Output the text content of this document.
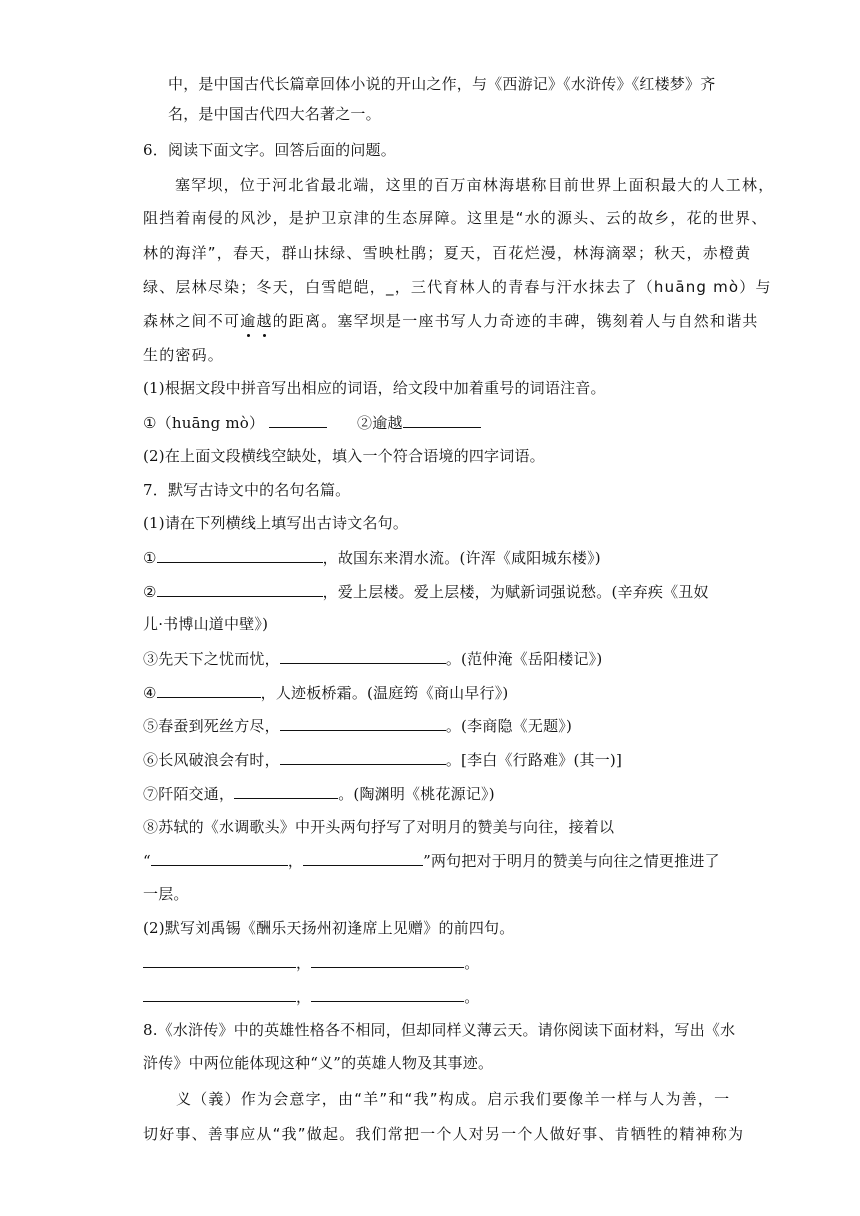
中，是中国古代长篇章回体小说的开山之作，与《西游记》《水浒传》《红楼梦》齐
名，是中国古代四大名著之一。
6．阅读下面文字。回答后面的问题。
塞罕坝，位于河北省最北端，这里的百万亩林海堪称目前世界上面积最大的人工林，
阻挡着南侵的风沙，是护卫京津的生态屏障。这里是“水的源头、云的故乡，花的世界、
林的海洋”，春天，群山抹绿、雪映杜鹃；夏天，百花烂漫，林海滴翠；秋天，赤橙黄
绿、层林尽染；冬天，白雪皑皑，_，三代育林人的青春与汗水抹去了（huāng mò）与
森林之间不可逾越的距离。塞罕坝是一座书写人力奇迹的丰碑，镌刻着人与自然和谐共
生的密码。
(1)根据文段中拼音写出相应的词语，给文段中加着重号的词语注音。
①（huāng mò）	②逾越
(2)在上面文段横线空缺处，填入一个符合语境的四字词语。
7．默写古诗文中的名句名篇。
(1)请在下列横线上填写出古诗文名句。
①	，故国东来渭水流。(许浑《咸阳城东楼》)
②	，爱上层楼。爱上层楼，为赋新词强说愁。(辛弃疾《丑奴
儿·书博山道中壁》)
③先天下之忧而忧，	。(范仲淹《岳阳楼记》)
④	，人迹板桥霜。(温庭筠《商山早行》)
⑤春蚕到死丝方尽，	。(李商隐《无题》)
⑥长风破浪会有时，	。[李白《行路难》(其一)]
⑦阡陌交通，	。(陶渊明《桃花源记》)
⑧苏轼的《水调歌头》中开头两句抒写了对明月的赞美与向往，接着以
“	，	”两句把对于明月的赞美与向往之情更推进了
一层。
(2)默写刘禹锡《酬乐天扬州初逢席上见赠》的前四句。
，	。
，	。
8.《水浒传》中的英雄性格各不相同，但却同样义薄云天。请你阅读下面材料，写出《水
浒传》中两位能体现这种“义”的英雄人物及其事迹。
义（義）作为会意字，由“羊”和“我”构成。启示我们要像羊一样与人为善，一
切好事、善事应从“我”做起。我们常把一个人对另一个人做好事、肯牺牲的精神称为
